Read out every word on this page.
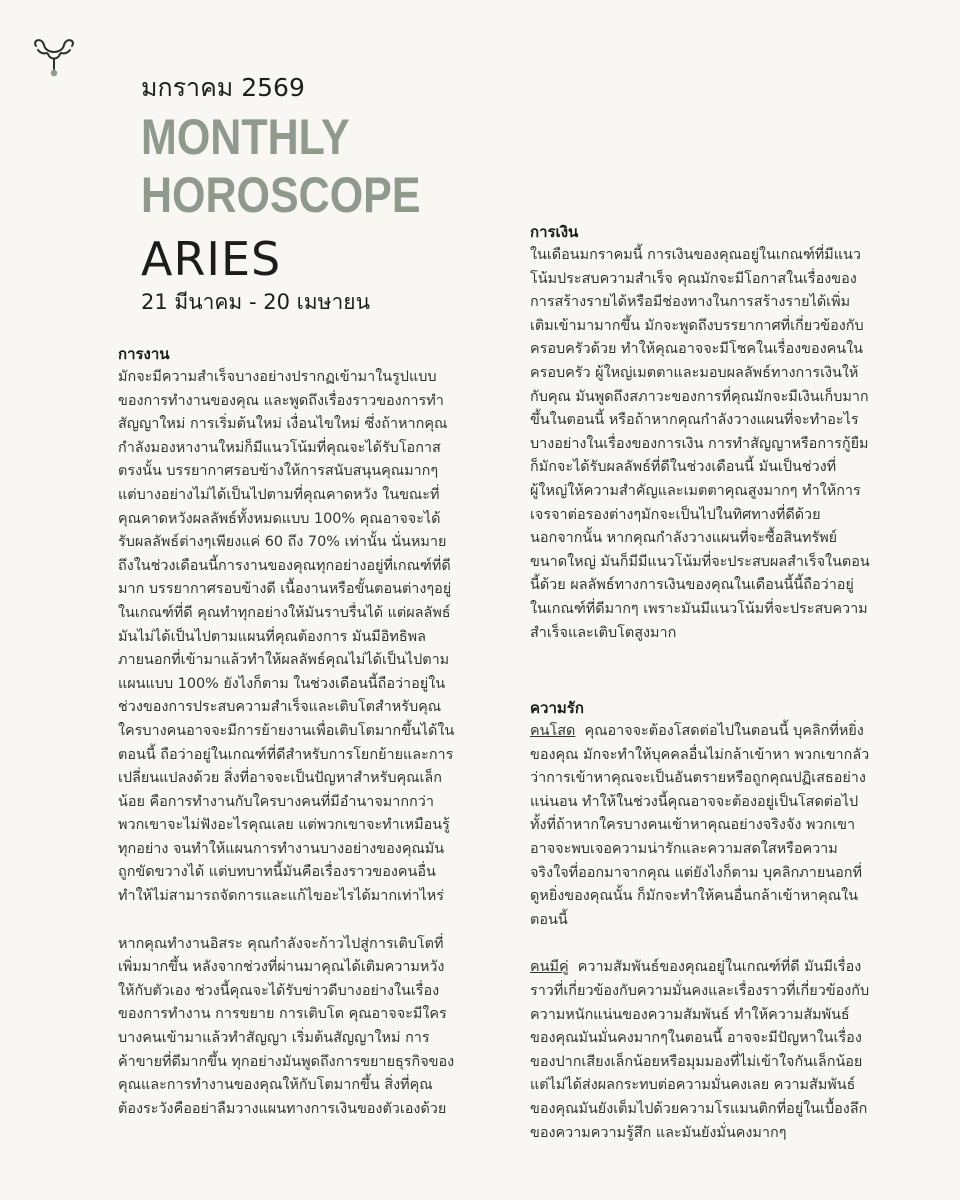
มกราคม 2569

MONTHLY
HOROSCOPE

ARIES

21 มีนาคม - 20 เมษายน

การงาน

มักจะมีความสำเร็จบางอย่างปรากฏเข้ามาในรูปแบบของการทำงานของคุณ และพูดถึงเรื่องราวของการทำสัญญาใหม่ การเริ่มต้นใหม่ เงื่อนไขใหม่ ซึ่งถ้าหากคุณกำลังมองหางานใหม่ก็มีแนวโน้มที่คุณจะได้รับโอกาสตรงนั้น บรรยากาศรอบข้างให้การสนับสนุนคุณมากๆ แต่บางอย่างไม่ได้เป็นไปตามที่คุณคาดหวัง ในขณะที่คุณคาดหวังผลลัพธ์ทั้งหมดแบบ 100% คุณอาจจะได้รับผลลัพธ์ต่างๆเพียงแค่ 60 ถึง 70% เท่านั้น นั่นหมายถึงในช่วงเดือนนี้การงานของคุณทุกอย่างอยู่ที่เกณฑ์ที่ดีมาก บรรยากาศรอบข้างดี เนื้องานหรือขั้นตอนต่างๆอยู่ในเกณฑ์ที่ดี คุณทำทุกอย่างให้มันราบรื่นได้ แต่ผลลัพธ์มันไม่ได้เป็นไปตามแผนที่คุณต้องการ มันมีอิทธิพลภายนอกที่เข้ามาแล้วทำให้ผลลัพธ์คุณไม่ได้เป็นไปตามแผนแบบ 100% ยังไงก็ตาม ในช่วงเดือนนี้ถือว่าอยู่ในช่วงของการประสบความสำเร็จและเติบโตสำหรับคุณ ใครบางคนอาจจะมีการย้ายงานเพื่อเติบโตมากขึ้นได้ในตอนนี้ ถือว่าอยู่ในเกณฑ์ที่ดีสำหรับการโยกย้ายและการเปลี่ยนแปลงด้วย สิ่งที่อาจจะเป็นปัญหาสำหรับคุณเล็กน้อย คือการทำงานกับใครบางคนที่มีอำนาจมากกว่า พวกเขาจะไม่ฟังอะไรคุณเลย แต่พวกเขาจะทำเหมือนรู้ทุกอย่าง จนทำให้แผนการทำงานบางอย่างของคุณมันถูกขัดขวางได้ แต่บทบาทนี้มันคือเรื่องราวของคนอื่น ทำให้ไม่สามารถจัดการและแก้ไขอะไรได้มากเท่าไหร่

หากคุณทำงานอิสระ คุณกำลังจะก้าวไปสู่การเติบโตที่เพิ่มมากขึ้น หลังจากช่วงที่ผ่านมาคุณได้เติมความหวังให้กับตัวเอง ช่วงนี้คุณจะได้รับข่าวดีบางอย่างในเรื่องของการทำงาน การขยาย การเติบโต คุณอาจจะมีใครบางคนเข้ามาแล้วทำสัญญา เริ่มต้นสัญญาใหม่ การค้าขายที่ดีมากขึ้น ทุกอย่างมันพูดถึงการขยายธุรกิจของคุณและการทำงานของคุณให้กับโตมากขึ้น สิ่งที่คุณต้องระวังคืออย่าลืมวางแผนทางการเงินของตัวเองด้วย

การเงิน

ในเดือนมกราคมนี้ การเงินของคุณอยู่ในเกณฑ์ที่มีแนวโน้มประสบความสำเร็จ คุณมักจะมีโอกาสในเรื่องของการสร้างรายได้หรือมีช่องทางในการสร้างรายได้เพิ่มเติมเข้ามามากขึ้น มักจะพูดถึงบรรยากาศที่เกี่ยวข้องกับครอบครัวด้วย ทำให้คุณอาจจะมีโชคในเรื่องของคนในครอบครัว ผู้ใหญ่เมตตาและมอบผลลัพธ์ทางการเงินให้กับคุณ มันพูดถึงสภาวะของการที่คุณมักจะมีเงินเก็บมากขึ้นในตอนนี้ หรือถ้าหากคุณกำลังวางแผนที่จะทำอะไรบางอย่างในเรื่องของการเงิน การทำสัญญาหรือการกู้ยืม ก็มักจะได้รับผลลัพธ์ที่ดีในช่วงเดือนนี้ มันเป็นช่วงที่ผู้ใหญ่ให้ความสำคัญและเมตตาคุณสูงมากๆ ทำให้การเจรจาต่อรองต่างๆมักจะเป็นไปในทิศทางที่ดีด้วย นอกจากนั้น หากคุณกำลังวางแผนที่จะซื้อสินทรัพย์ขนาดใหญ่ มันก็มีมีแนวโน้มที่จะประสบผลสำเร็จในตอนนี้ด้วย ผลลัพธ์ทางการเงินของคุณในเดือนนี้นี้ถือว่าอยู่ในเกณฑ์ที่ดีมากๆ เพราะมันมีแนวโน้มที่จะประสบความสำเร็จและเติบโตสูงมาก

ความรัก

คนโสด คุณอาจจะต้องโสดต่อไปในตอนนี้ บุคลิกที่หยิ่งของคุณ มักจะทำให้บุคคลอื่นไม่กล้าเข้าหา พวกเขากลัวว่าการเข้าหาคุณจะเป็นอันตรายหรือถูกคุณปฏิเสธอย่างแน่นอน ทำให้ในช่วงนี้คุณอาจจะต้องอยู่เป็นโสดต่อไป ทั้งที่ถ้าหากใครบางคนเข้าหาคุณอย่างจริงจัง พวกเขาอาจจะพบเจอความน่ารักและความสดใสหรือความจริงใจที่ออกมาจากคุณ แต่ยังไงก็ตาม บุคลิกภายนอกที่ดูหยิ่งของคุณนั้น ก็มักจะทำให้คนอื่นกล้าเข้าหาคุณในตอนนี้

คนมีคู่ ความสัมพันธ์ของคุณอยู่ในเกณฑ์ที่ดี มันมีเรื่องราวที่เกี่ยวข้องกับความมั่นคงและเรื่องราวที่เกี่ยวข้องกับความหนักแน่นของความสัมพันธ์ ทำให้ความสัมพันธ์ของคุณมันมั่นคงมากๆในตอนนี้ อาจจะมีปัญหาในเรื่องของปากเสียงเล็กน้อยหรือมุมมองที่ไม่เข้าใจกันเล็กน้อย แต่ไม่ได้ส่งผลกระทบต่อความมั่นคงเลย ความสัมพันธ์ของคุณมันยังเต็มไปด้วยความโรแมนติกที่อยู่ในเบื้องลึกของความความรู้สึก และมันยังมั่นคงมากๆ
